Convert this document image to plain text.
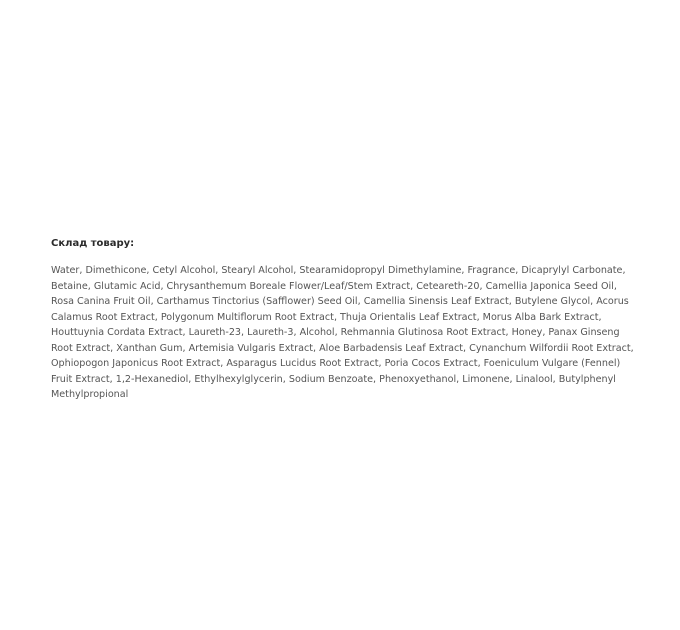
Склад товару:

Water, Dimethicone, Cetyl Alcohol, Stearyl Alcohol, Stearamidopropyl Dimethylamine, Fragrance, Dicaprylyl Carbonate, Betaine, Glutamic Acid, Chrysanthemum Boreale Flower/Leaf/Stem Extract, Ceteareth-20, Camellia Japonica Seed Oil, Rosa Canina Fruit Oil, Carthamus Tinctorius (Safflower) Seed Oil, Camellia Sinensis Leaf Extract, Butylene Glycol, Acorus Calamus Root Extract, Polygonum Multiflorum Root Extract, Thuja Orientalis Leaf Extract, Morus Alba Bark Extract, Houttuynia Cordata Extract, Laureth-23, Laureth-3, Alcohol, Rehmannia Glutinosa Root Extract, Honey, Panax Ginseng Root Extract, Xanthan Gum, Artemisia Vulgaris Extract, Aloe Barbadensis Leaf Extract, Cynanchum Wilfordii Root Extract, Ophiopogon Japonicus Root Extract, Asparagus Lucidus Root Extract, Poria Cocos Extract, Foeniculum Vulgare (Fennel) Fruit Extract, 1,2-Hexanediol, Ethylhexylglycerin, Sodium Benzoate, Phenoxyethanol, Limonene, Linalool, Butylphenyl Methylpropional
